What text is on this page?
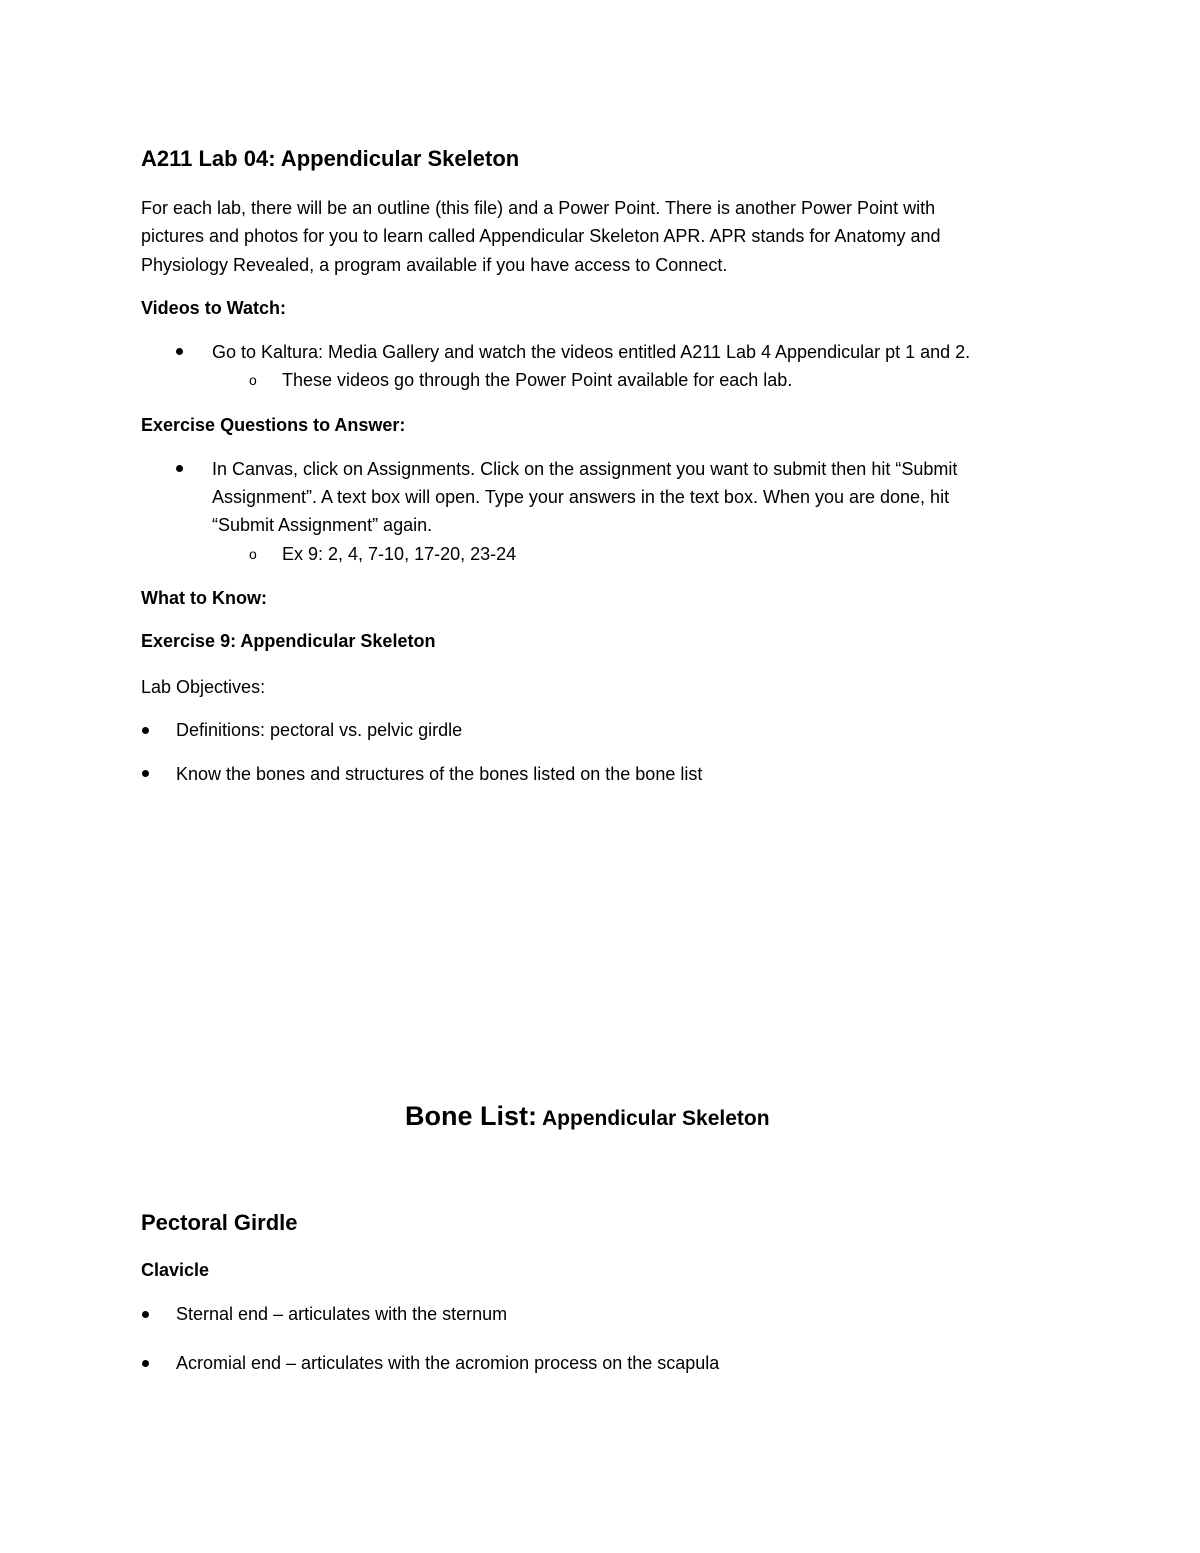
A211 Lab 04: Appendicular Skeleton
For each lab, there will be an outline (this file) and a Power Point. There is another Power Point with
pictures and photos for you to learn called Appendicular Skeleton APR. APR stands for Anatomy and
Physiology Revealed, a program available if you have access to Connect.
Videos to Watch:
Go to Kaltura: Media Gallery and watch the videos entitled A211 Lab 4 Appendicular pt 1 and 2.
o These videos go through the Power Point available for each lab.
Exercise Questions to Answer:
In Canvas, click on Assignments. Click on the assignment you want to submit then hit “Submit
Assignment”. A text box will open. Type your answers in the text box. When you are done, hit
“Submit Assignment” again.
o Ex 9: 2, 4, 7-10, 17-20, 23-24
What to Know:
Exercise 9: Appendicular Skeleton
Lab Objectives:
Definitions: pectoral vs. pelvic girdle
Know the bones and structures of the bones listed on the bone list
Bone List: Appendicular Skeleton
Pectoral Girdle
Clavicle
Sternal end – articulates with the sternum
Acromial end – articulates with the acromion process on the scapula
